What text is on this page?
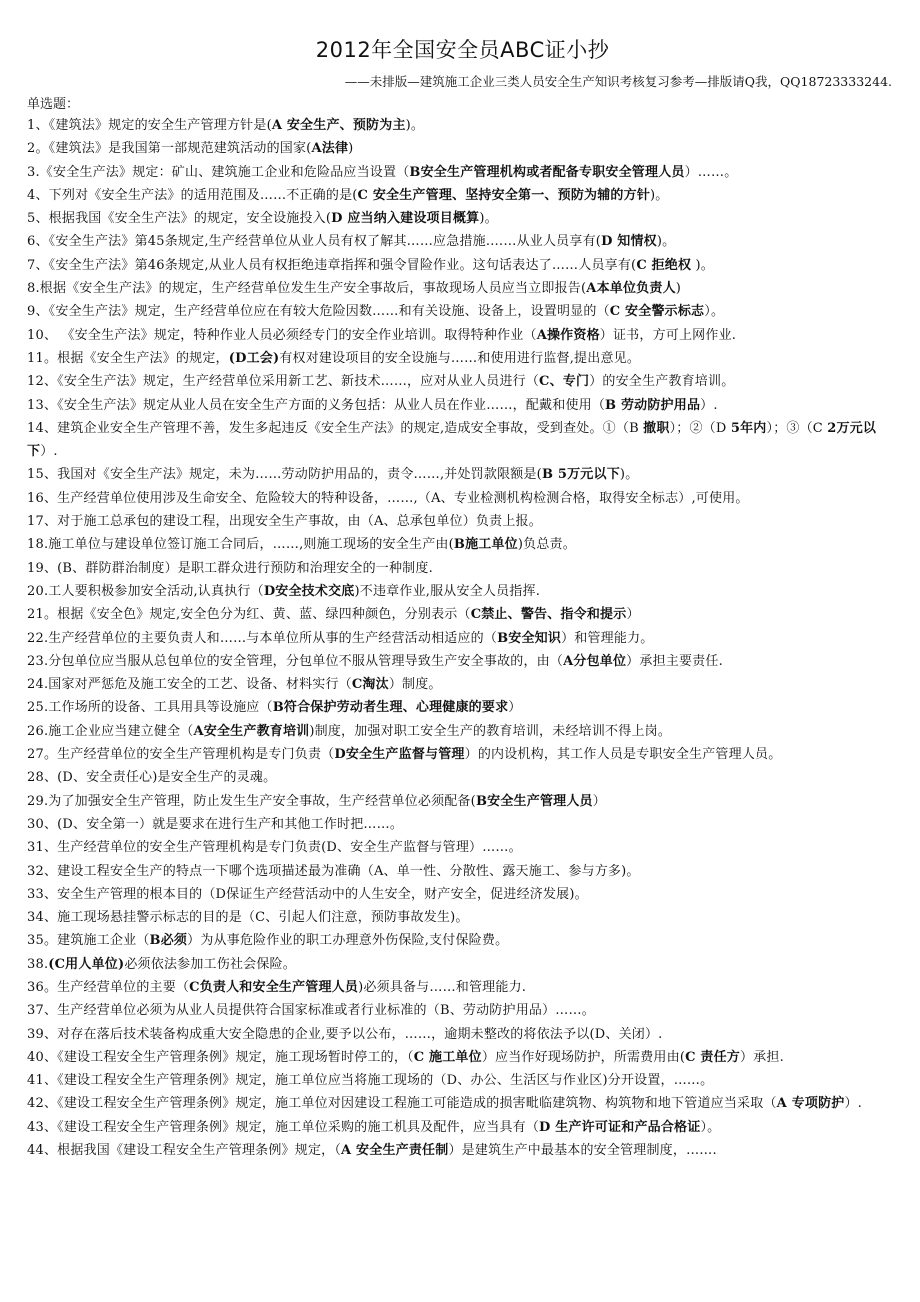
2012年全国安全员ABC证小抄

——未排版—建筑施工企业三类人员安全生产知识考核复习参考—排版请Q我，QQ18723333244.

单选题：

1、《建筑法》规定的安全生产管理方针是(A 安全生产、预防为主)。

2。《建筑法》是我国第一部规范建筑活动的国家(A法律)

3.《安全生产法》规定：矿山、建筑施工企业和危险品应当设置（B安全生产管理机构或者配备专职安全管理人员）……。

4、下列对《安全生产法》的适用范围及……不正确的是(C 安全生产管理、坚持安全第一、预防为辅的方针)。

5、根据我国《安全生产法》的规定，安全设施投入(D 应当纳入建设项目概算)。

6、《安全生产法》第45条规定,生产经营单位从业人员有权了解其……应急措施.……从业人员享有(D 知情权)。

7、《安全生产法》第46条规定,从业人员有权拒绝违章指挥和强令冒险作业。这句话表达了……人员享有(C 拒绝权 )。

8.根据《安全生产法》的规定，生产经营单位发生生产安全事故后，事故现场人员应当立即报告(A本单位负责人)

9、《安全生产法》规定，生产经营单位应在有较大危险因数……和有关设施、设备上，设置明显的（C 安全警示标志）。

10、 《安全生产法》规定，特种作业人员必须经专门的安全作业培训。取得特种作业（A操作资格）证书，方可上网作业.

11。根据《安全生产法》的规定，(D工会)有权对建设项目的安全设施与……和使用进行监督,提出意见。

12、《安全生产法》规定，生产经营单位采用新工艺、新技术……，应对从业人员进行（C、专门）的安全生产教育培训。

13、《安全生产法》规定从业人员在安全生产方面的义务包括：从业人员在作业……，配戴和使用（B 劳动防护用品）.

14、建筑企业安全生产管理不善，发生多起违反《安全生产法》的规定,造成安全事故，受到查处。①（B 撤职）；②（D 5年内）；③（C 2万元以下）.

15、我国对《安全生产法》规定，未为……劳动防护用品的，责令……,并处罚款限额是(B 5万元以下)。

16、生产经营单位使用涉及生命安全、危险较大的特种设备，……,（A、专业检测机构检测合格，取得安全标志）,可使用。

17、对于施工总承包的建设工程，出现安全生产事故，由（A、总承包单位）负责上报。

18.施工单位与建设单位签订施工合同后，……,则施工现场的安全生产由(B施工单位)负总责。

19、(B、群防群治制度）是职工群众进行预防和治理安全的一种制度.

20.工人要积极参加安全活动,认真执行（D安全技术交底)不违章作业,服从安全人员指挥.

21。根据《安全色》规定,安全色分为红、黄、蓝、绿四种颜色，分别表示（C禁止、警告、指令和提示）

22.生产经营单位的主要负责人和……与本单位所从事的生产经营活动相适应的（B安全知识）和管理能力。

23.分包单位应当服从总包单位的安全管理，分包单位不服从管理导致生产安全事故的，由（A分包单位）承担主要责任.

24.国家对严惩危及施工安全的工艺、设备、材料实行（C淘汰）制度。

25.工作场所的设备、工具用具等设施应（B符合保护劳动者生理、心理健康的要求）

26.施工企业应当建立健全（A安全生产教育培训)制度，加强对职工安全生产的教育培训，未经培训不得上岗。

27。生产经营单位的安全生产管理机构是专门负责（D安全生产监督与管理）的内设机构，其工作人员是专职安全生产管理人员。

28、(D、安全责任心)是安全生产的灵魂。

29.为了加强安全生产管理，防止发生生产安全事故，生产经营单位必须配备(B安全生产管理人员）

30、(D、安全第一）就是要求在进行生产和其他工作时把……。

31、生产经营单位的安全生产管理机构是专门负责(D、安全生产监督与管理）……。

32、建设工程安全生产的特点一下哪个选项描述最为准确（A、单一性、分散性、露天施工、参与方多)。

33、安全生产管理的根本目的（D保证生产经营活动中的人生安全，财产安全，促进经济发展)。

34、施工现场悬挂警示标志的目的是（C、引起人们注意，预防事故发生)。

35。建筑施工企业（B必须）为从事危险作业的职工办理意外伤保险,支付保险费。

38.(C用人单位)必须依法参加工伤社会保险。

36。生产经营单位的主要（C负责人和安全生产管理人员)必须具备与……和管理能力.

37、生产经营单位必须为从业人员提供符合国家标准或者行业标准的（B、劳动防护用品）……。

39、对存在落后技术装备构成重大安全隐患的企业,要予以公布，……，逾期未整改的将依法予以(D、关闭）.

40、《建设工程安全生产管理条例》规定，施工现场暂时停工的，（C 施工单位）应当作好现场防护，所需费用由(C 责任方）承担.

41、《建设工程安全生产管理条例》规定，施工单位应当将施工现场的（D、办公、生活区与作业区)分开设置，……。

42、《建设工程安全生产管理条例》规定，施工单位对因建设工程施工可能造成的损害毗临建筑物、构筑物和地下管道应当采取（A 专项防护）.

43、《建设工程安全生产管理条例》规定，施工单位采购的施工机具及配件，应当具有（D 生产许可证和产品合格证）。

44、根据我国《建设工程安全生产管理条例》规定，（A 安全生产责任制）是建筑生产中最基本的安全管理制度，…….
